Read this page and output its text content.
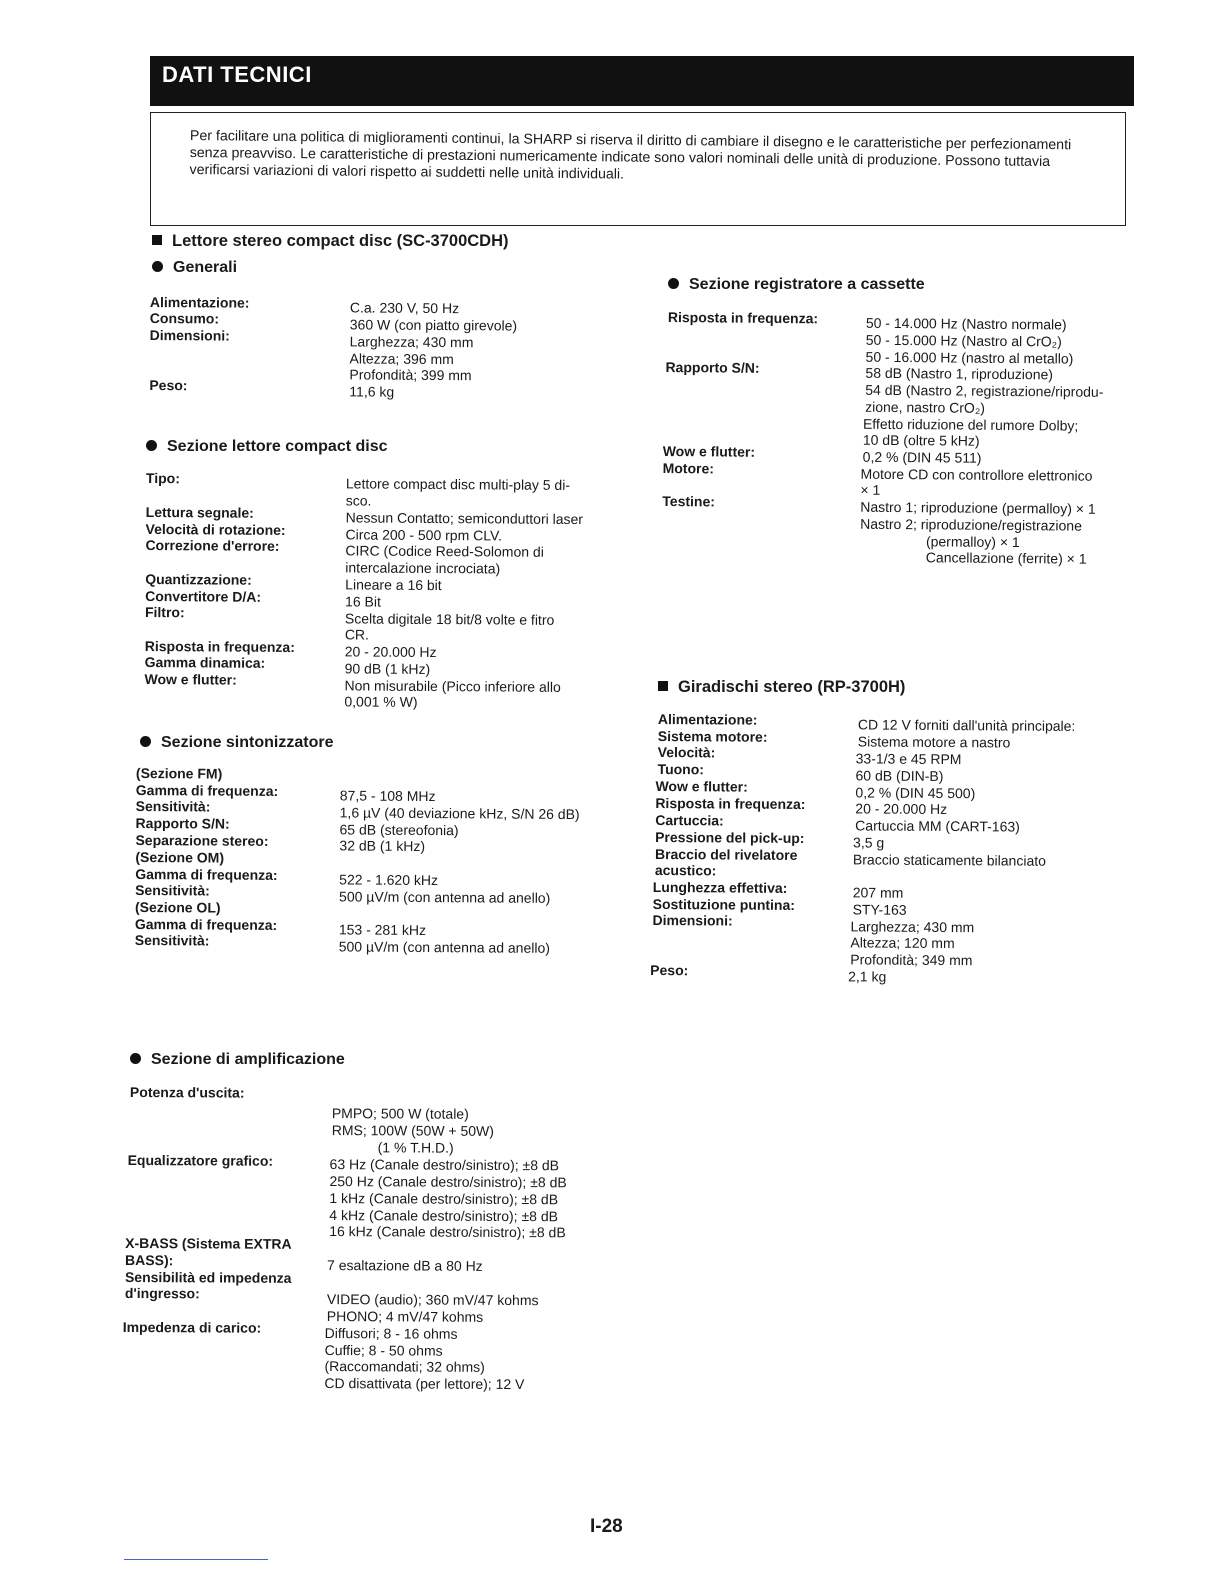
DATI TECNICI
Per facilitare una politica di miglioramenti continui, la SHARP si riserva il diritto di cambiare il disegno e le caratteristiche per perfezionamenti senza preavviso. Le caratteristiche di prestazioni numericamente indicate sono valori nominali delle unità di produzione. Possono tuttavia verificarsi variazioni di valori rispetto ai suddetti nelle unità individuali.
Lettore stereo compact disc (SC-3700CDH)
Generali
Alimentazione:
Consumo:
Dimensioni:
Peso:
C.a. 230 V, 50 Hz
360 W (con piatto girevole)
Larghezza; 430 mm
Altezza; 396 mm
Profondità; 399 mm
11,6 kg
Sezione lettore compact disc
Tipo:
Lettura segnale:
Velocità di rotazione:
Correzione d'errore:
Quantizzazione:
Convertitore D/A:
Filtro:
Risposta in frequenza:
Gamma dinamica:
Wow e flutter:
Lettore compact disc multi-play 5 di-
sco.
Nessun Contatto; semiconduttori laser
Circa 200 - 500 rpm CLV.
CIRC (Codice Reed-Solomon di
intercalazione incrociata)
Lineare a 16 bit
16 Bit
Scelta digitale 18 bit/8 volte e fitro
CR.
20 - 20.000 Hz
90 dB (1 kHz)
Non misurabile (Picco inferiore allo
0,001 % W)
Sezione sintonizzatore
(Sezione FM)
Gamma di frequenza:
Sensitività:
Rapporto S/N:
Separazione stereo:
(Sezione OM)
Gamma di frequenza:
Sensitività:
(Sezione OL)
Gamma di frequenza:
Sensitività:
87,5 - 108 MHz
1,6 µV (40 deviazione kHz, S/N 26 dB)
65 dB (stereofonia)
32 dB (1 kHz)
522 - 1.620 kHz
500 µV/m (con antenna ad anello)
153 - 281 kHz
500 µV/m (con antenna ad anello)
Sezione di amplificazione
Potenza d'uscita:
Equalizzatore grafico:
X-BASS (Sistema EXTRA
BASS):
Sensibilità ed impedenza
d'ingresso:
Impedenza di carico:
PMPO; 500 W (totale)
RMS; 100W (50W + 50W)
(1 % T.H.D.)
63 Hz (Canale destro/sinistro); ±8 dB
250 Hz (Canale destro/sinistro); ±8 dB
1 kHz (Canale destro/sinistro); ±8 dB
4 kHz (Canale destro/sinistro); ±8 dB
16 kHz (Canale destro/sinistro); ±8 dB
7 esaltazione dB a 80 Hz
VIDEO (audio); 360 mV/47 kohms
PHONO; 4 mV/47 kohms
Diffusori; 8 - 16 ohms
Cuffie; 8 - 50 ohms
(Raccomandati; 32 ohms)
CD disattivata (per lettore); 12 V
Sezione registratore a cassette
Risposta in frequenza:
Rapporto S/N:
Wow e flutter:
Motore:
Testine:
50 - 14.000 Hz (Nastro normale)
50 - 15.000 Hz (Nastro al CrO₂)
50 - 16.000 Hz (nastro al metallo)
58 dB (Nastro 1, riproduzione)
54 dB (Nastro 2, registrazione/riprodu-
zione, nastro CrO₂)
Effetto riduzione del rumore Dolby;
10 dB (oltre 5 kHz)
0,2 % (DIN 45 511)
Motore CD con controllore elettronico
× 1
Nastro 1; riproduzione (permalloy) × 1
Nastro 2; riproduzione/registrazione
(permalloy) × 1
Cancellazione (ferrite) × 1
Giradischi stereo (RP-3700H)
Alimentazione:
Sistema motore:
Velocità:
Tuono:
Wow e flutter:
Risposta in frequenza:
Cartuccia:
Pressione del pick-up:
Braccio del rivelatore
acustico:
Lunghezza effettiva:
Sostituzione puntina:
Dimensioni:
Peso:
CD 12 V forniti dall'unità principale:
Sistema motore a nastro
33-1/3 e 45 RPM
60 dB (DIN-B)
0,2 % (DIN 45 500)
20 - 20.000 Hz
Cartuccia MM (CART-163)
3,5 g
Braccio staticamente bilanciato
207 mm
STY-163
Larghezza; 430 mm
Altezza; 120 mm
Profondità; 349 mm
2,1 kg
I-28
